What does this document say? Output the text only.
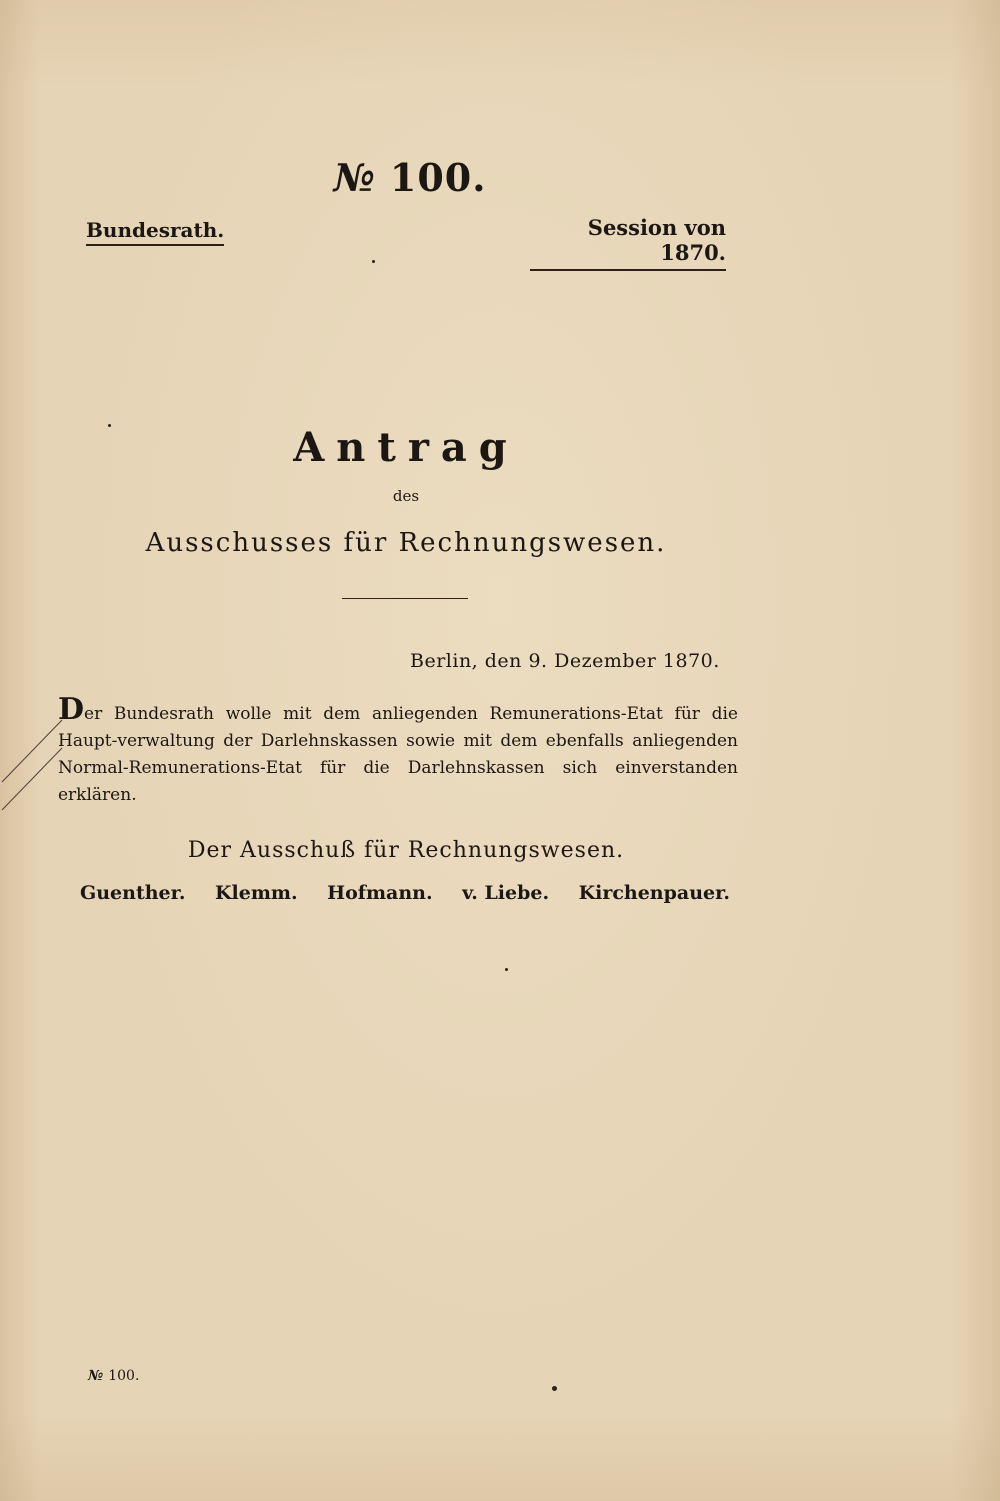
№ 100.
Bundesrath.	Session von 1870.
Antrag
des
Ausschusses für Rechnungswesen.
Berlin, den 9. Dezember 1870.

Der Bundesrath wolle mit dem anliegenden Remunerations-Etat für die Haupt-verwaltung der Darlehnskassen sowie mit dem ebenfalls anliegenden Normal-Remunerations-Etat für die Darlehnskassen sich einverstanden erklären.

Der Ausschuß für Rechnungswesen.
Guenther. Klemm. Hofmann. v. Liebe. Kirchenpauer.
№ 100.
